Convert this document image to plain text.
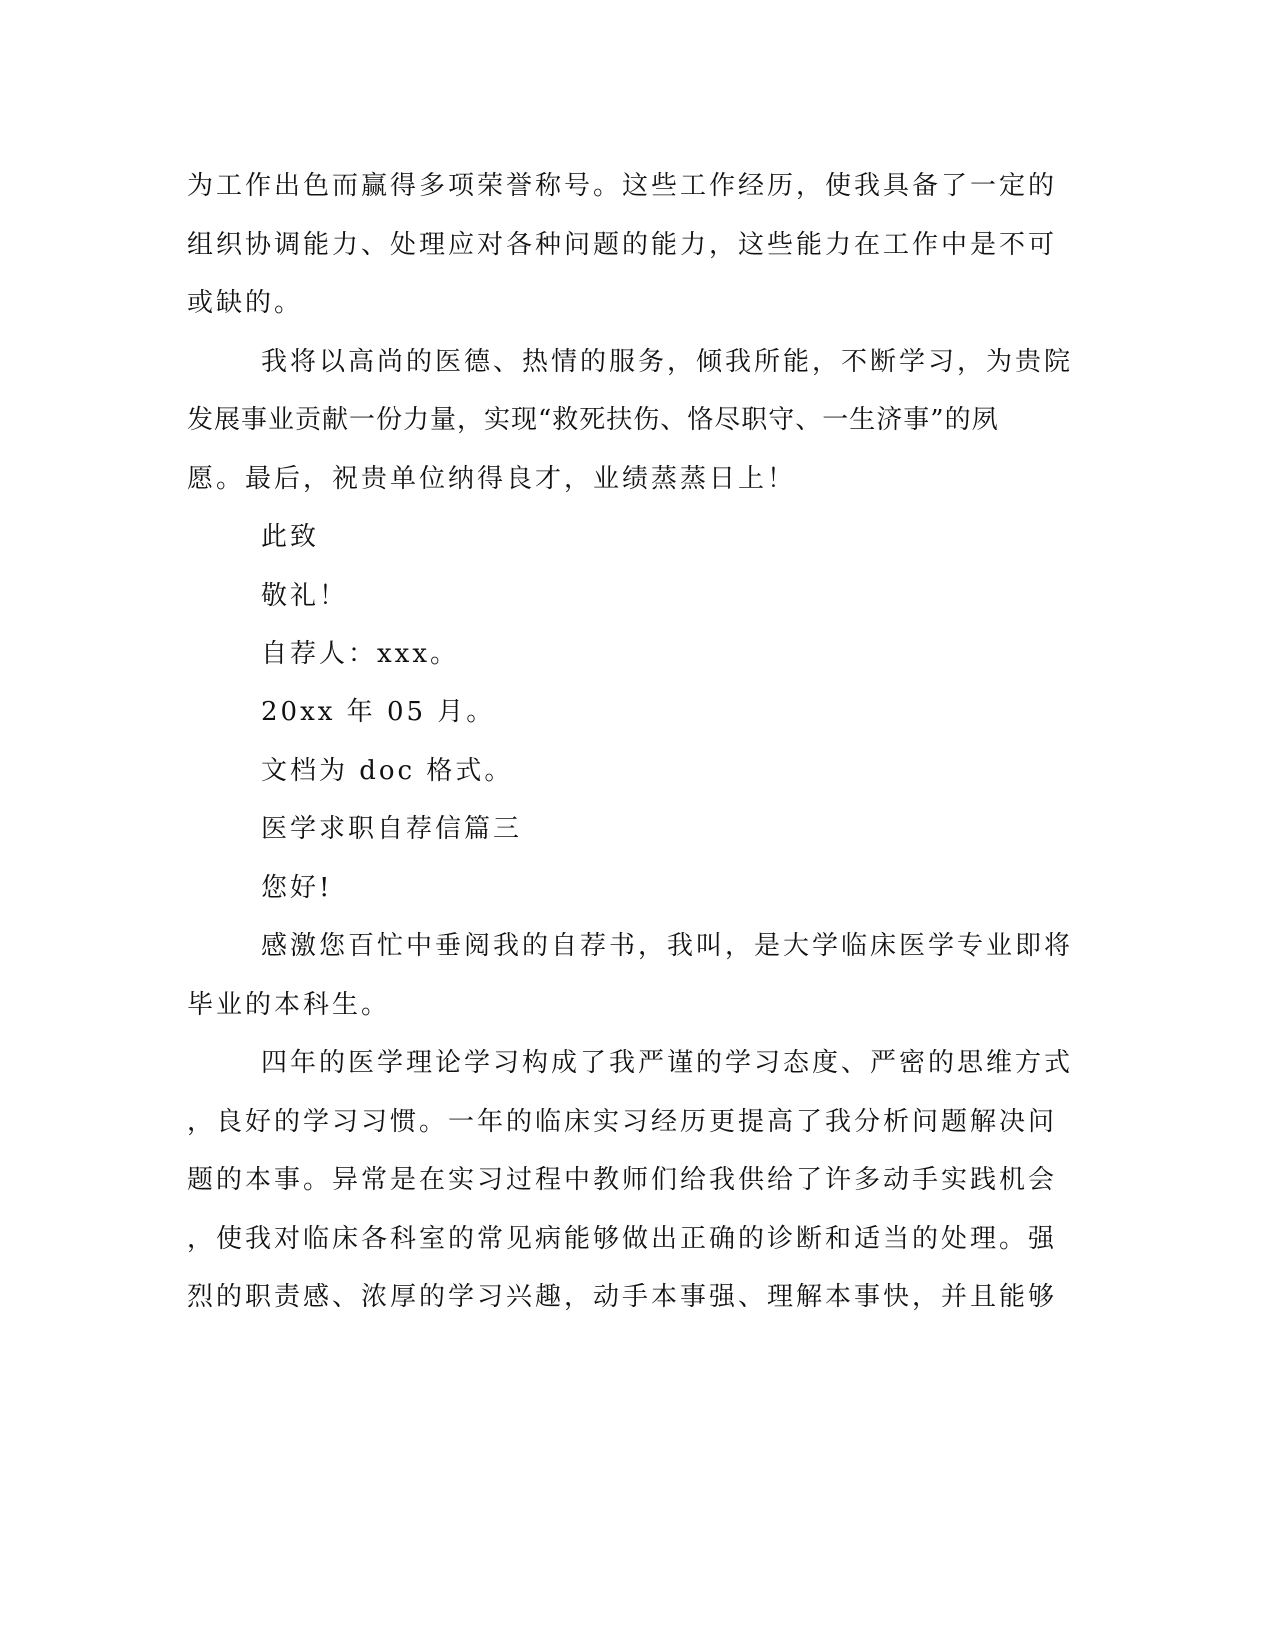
为工作出色而赢得多项荣誉称号。这些工作经历，使我具备了一定的
组织协调能力、处理应对各种问题的能力，这些能力在工作中是不可
或缺的。
我将以高尚的医德、热情的服务，倾我所能，不断学习，为贵院
发展事业贡献一份力量，实现“救死扶伤、恪尽职守、一生济事”的夙
愿。最后，祝贵单位纳得良才，业绩蒸蒸日上！
此致
敬礼！
自荐人：xxx。
20xx 年 05 月。
文档为 doc 格式。
医学求职自荐信篇三
您好!
感激您百忙中垂阅我的自荐书，我叫，是大学临床医学专业即将
毕业的本科生。
四年的医学理论学习构成了我严谨的学习态度、严密的思维方式
，良好的学习习惯。一年的临床实习经历更提高了我分析问题解决问
题的本事。异常是在实习过程中教师们给我供给了许多动手实践机会
，使我对临床各科室的常见病能够做出正确的诊断和适当的处理。强
烈的职责感、浓厚的学习兴趣，动手本事强、理解本事快，并且能够
